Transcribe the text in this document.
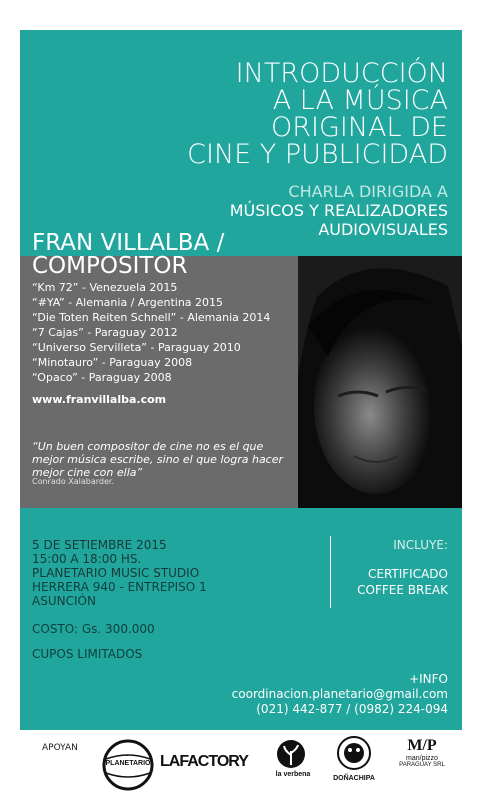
INTRODUCCIÓN
A LA MÚSICA
ORIGINAL DE
CINE Y PUBLICIDAD
CHARLA DIRIGIDA A
MÚSICOS Y REALIZADORES
AUDIOVISUALES
FRAN VILLALBA /
COMPOSITOR
“Km 72” - Venezuela 2015
“#YA” - Alemania / Argentina 2015
“Die Toten Reiten Schnell” - Alemania 2014
“7 Cajas” - Paraguay 2012
“Universo Servilleta” - Paraguay 2010
“Minotauro” - Paraguay 2008
“Opaco” - Paraguay 2008
www.franvillalba.com
“Un buen compositor de cine no es el que mejor música escribe, sino el que logra hacer mejor cine con ella”
Conrado Xalabarder.
5 DE SETIEMBRE 2015
15:00 A 18:00 HS.
PLANETARIO MUSIC STUDIO
HERRERA 940 - ENTREPISO 1
ASUNCIÓN
COSTO: Gs. 300.000
CUPOS LIMITADOS
INCLUYE:
CERTIFICADO
COFFEE BREAK
+INFO
coordinacion.planetario@gmail.com
(021) 442-877 / (0982) 224-094
APOYAN
PLANETARIO LAFACTORY
la verbena
DOÑACHIPA
M/P
man/pizzo
PARAGUAY SRL
